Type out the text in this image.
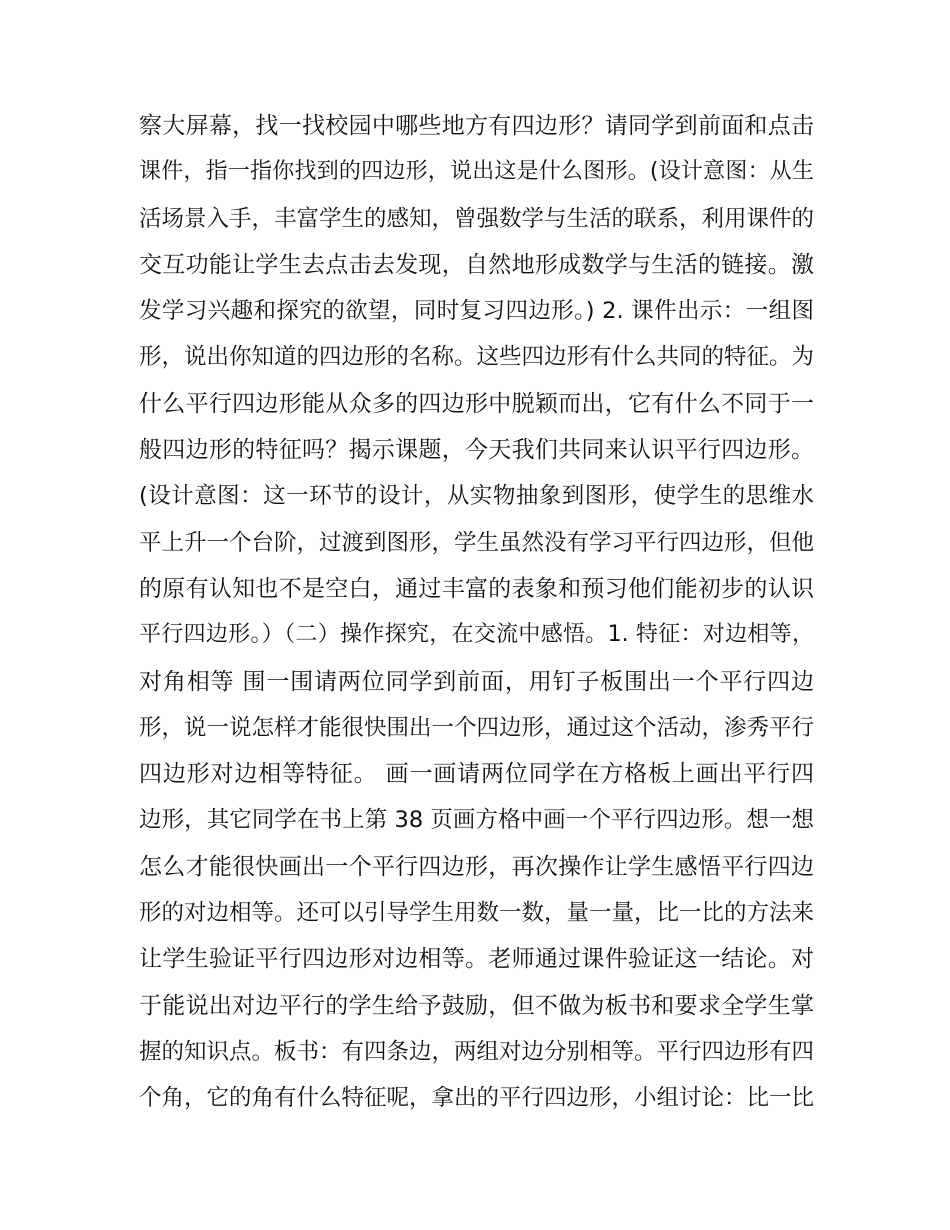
察大屏幕，找一找校园中哪些地方有四边形？请同学到前面和点击
课件，指一指你找到的四边形，说出这是什么图形。(设计意图：从生
活场景入手，丰富学生的感知，曾强数学与生活的联系，利用课件的
交互功能让学生去点击去发现，自然地形成数学与生活的链接。激
发学习兴趣和探究的欲望，同时复习四边形。) 2. 课件出示：一组图
形，说出你知道的四边形的名称。这些四边形有什么共同的特征。为
什么平行四边形能从众多的四边形中脱颖而出，它有什么不同于一
般四边形的特征吗？揭示课题，今天我们共同来认识平行四边形。
(设计意图：这一环节的设计，从实物抽象到图形，使学生的思维水
平上升一个台阶，过渡到图形，学生虽然没有学习平行四边形，但他
的原有认知也不是空白，通过丰富的表象和预习他们能初步的认识
平行四边形。）（二）操作探究，在交流中感悟。1. 特征：对边相等，
对角相等 围一围请两位同学到前面，用钉子板围出一个平行四边
形，说一说怎样才能很快围出一个四边形，通过这个活动，渗秀平行
四边形对边相等特征。 画一画请两位同学在方格板上画出平行四
边形，其它同学在书上第 38 页画方格中画一个平行四边形。想一想
怎么才能很快画出一个平行四边形，再次操作让学生感悟平行四边
形的对边相等。还可以引导学生用数一数，量一量，比一比的方法来
让学生验证平行四边形对边相等。老师通过课件验证这一结论。对
于能说出对边平行的学生给予鼓励，但不做为板书和要求全学生掌
握的知识点。板书：有四条边，两组对边分别相等。平行四边形有四
个角，它的角有什么特征呢，拿出的平行四边形，小组讨论：比一比
